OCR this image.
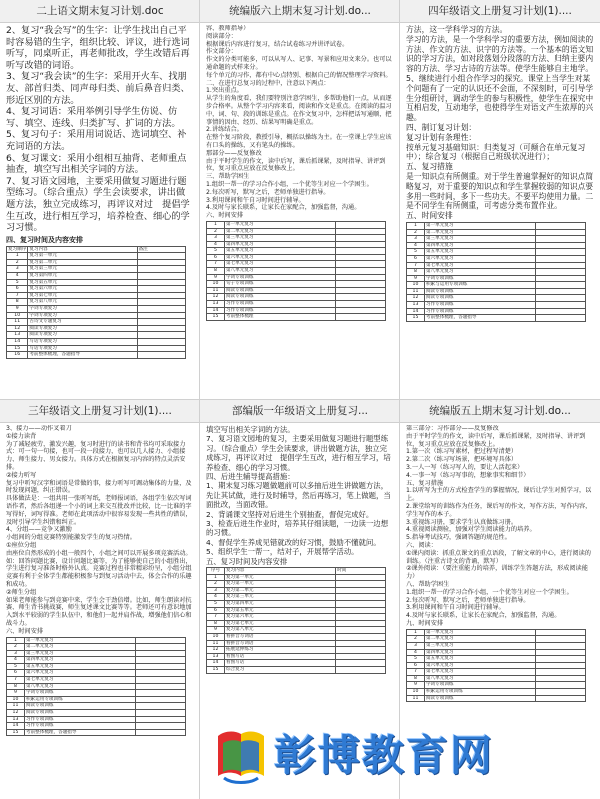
二上语文期末复习计划.doc

2、复习“我会写”的生字：让学生找出自己平时容易错的生字，组织比较、评议，进行选词听写，同桌听正，再老师批改，学生改错后再听写改错的词语。

3、复习“我会读”的生字：采用开火车、找朋友、部首归类、同声母归类、前后鼻音归类、形近区别的方法。

4、复习词语：采用举例引导学生仿说、仿写、填空、连线、归类扩写、扩词的方法。

5、复习句子：采用用词说话、选词填空、补充词语的方法。

6、复习课文：采用小组相互抽背、老师重点抽查，填空写出相关字词的方法。

7、复习语文园地，主要采用做复习题进行题型练习。（综合重点）学生会读要求，讲出做题方法，独立完成练习，再评议对过　提倡学生互改，进行相互学习，培养检查、细心的学习习惯。

四、复习时间及内容安排
复习顺序	复习内容	备注
1	复习第一单元	
2	复习第二单元	
3	复习第三单元	
4	复习第四单元	
5	复习第五单元	
6	复习第六单元	
7	复习第七单元	
8	复习第八单元	
9	字词专项复习	
10	字词专项复习	
11	古诗文专题复习	
12	阅读专项复习	
13	阅读专项复习	
14	写话专项复习	
15	写话专项复习	
16	考前整体梳理，答题指导	
统编版六上期末复习计划.do...

容、教师指导）

阅读部分：

根据课后内容进行复习，结合试卷练习并讲评试卷。

作文部分：

作文的分类可能多，可以从写人、记事、写景和应用文来分。也可以通命题的式样来分。

每个单元的习作，都有中心点特别、根据自己的情况整理学习资料。

二、在进行总复习的过程中，注意以下两点：

1.突出重点。

从学生的角度看，我们要特别注意学困生，多帮助他们一点，从而逐步合格率。从整个学习内容来看，阅读和作文是重点。在阅读的温习中，词、句、段的训练是重点。在作文复习中，怎样把话写通顺，把事情的因由、经历、结果写明确是重点。

2.讲练结合。

在整个复习阶段，教授引导，概括以操练为主。在一堂课上学生应该有口头的操练，又有笔头的操练。

那部分——反复修改

由于平时学生的作文，读中后写，课后抓课紧，及时指导、讲评到位，复习重点应放在反复修改上。

三、帮助学困生

1.组织一帮一的学习合作小组，一个优等生对应一个学困生。

2.每次听写，默写之后，老师单独进行指导。

3.利用课间和午自习时间进行辅导。

4.及时与家长联系，让家长在家配合，加强监督，沟通。

六、时间安排

1	第一单元复习	
2	第二单元复习	
3	第三单元复习	
4	第四单元复习	
5	第五单元复习	
6	第六单元复习	
7	第七单元复习	
8	第八单元复习	
9	字词专项训练	
10	句子专项训练	
11	阅读专项训练	
12	阅读专项训练	
13	习作专项训练	
14	习作专项训练	
15	考前整体梳理	
四年级语文上册复习计划(1)....

方法，这一学科学习的方法。

学习的方法，是一个学科学习的重要方法，例如阅读的方法、作文的方法、识字的方法等。一个基本的语文知识的学习方法，如对段落划分段落的方法、归纳主要内容的方法、学习古诗的方法等。使学生能够自主地学。

5、继续进行小组合作学习的探究。课堂上当学生对某个问题有了一定的认识还不会面，不深刻时，可引导学生分组研讨，调动学生的参与积极性，使学生在探究中互相启发，互动地学，也使得学生对语文产生浓厚的兴趣。

四、制订复习计划：

复习计划有条理性：

按单元复习基础知识：归类复习（可颠合在单元复习中）；综合复习（根据自己班级状况进行）；

五、复习措施

是一知识点有所侧重。对于学生普遍掌握好的知识点简略复习，对于重要的知识点和学生掌握较弱的知识点要多用一些时间，多下一些功夫。不要平均使用力量。二是不同学生有所侧重，可考虑分类布置作业。

五、时间安排

1	第一单元复习	
2	第二单元复习	
3	第三单元复习	
4	第四单元复习	
5	第五单元复习	
6	第六单元复习	
7	第七单元复习	
8	第八单元复习	
9	字词专项训练	
10	积累与运用专项训练	
11	阅读专项训练	
12	阅读专项训练	
13	习作专项训练	
14	习作专项训练	
15	考前整体梳理，答题指导	
三年级语文上册复习计划(1)....

3、接力——动作叉着刀

①接力读背

为了减轻疲劳，激发兴趣，复习时进行的读书和背书均可采取接力式：可一句一句接，也可一段一段接力，也可以几人接力、小组接力、师生接力、男女接力。具体方式在根据复习内容的特点灵活安排。

②接力听写

复习中听写汉字和词语是常做的事，接力听写可调动集体的力量，及时发现问题，纠正错误。

具体做法是：一组共用一张听写纸，老师报词语，各组学生依次写词语作者，然后各组递一个小的词上来交互批改并比较，比一比谁的字写得好，词写得准。老师在此项活动中很容易发现一些共性的错误，及时引导学生纠错和纠正。

4、分组——竞争又激励

小组间的分组竞赛特别能激发学生的复习热情。

①座位分组

由座位自然形成的小组一般四个，小组之间可以开展多项竞赛活动。如：回答问题比赛，设计问题比赛等，为了能够使自己的小组胜出，学生进行复习准备时格外认真。竞赛过程也非常精彩纷呈，小组分组竞赛有利于全体学生都能积极参与到复习活动中去，体会合作的乐趣和成功。

②师生分组

如果老师能参与到竞赛中来，学生会干劲倍增。比如，师生朗读对抗赛、师生背书挑战赛，师生复述课文比赛等等。老师还可有意识地加入到水平较弱的学生队伍中，和他们一起并肩作战，增强他们信心和战斗力。

六、时间安排

1	第一单元复习	
2	第二单元复习	
3	第三单元复习	
4	第四单元复习	
5	第五单元复习	
6	第六单元复习	
7	第七单元复习	
8	第八单元复习	
9	字词专项训练	
10	积累运用专项训练	
11	阅读专项训练	
12	阅读专项训练	
13	习作专项训练	
14	习作专项训练	
15	考前整体梳理，答题指导	
部编版一年级语文上册复习...

填空写出相关字词的方法。

7、复习语文园地的复习，主要采用做复习题进行题型练习。（综合重点）学生会读要求，讲出做题方法，独立完成练习，再评议对过　提倡学生互改，进行相互学习，培养检查、细心的学习习惯。

四、后进生辅导提高措施：

1、期末复习练习题做题前可以多抽后进生讲做题方法，先让其试做，进行及时辅导，然后再练习，笔上做题，当面批改，当面改错。

2、背诵课文坚持对后进生个别抽查，督促完成好。

3、检查后进生作业时，培养其仔细读题，一边读一边想的习惯。

4、督促学生养成见错就改的好习惯，鼓励不懂就问。

5、组织学生一帮一，结对子，开展帮学活动。

五、复习时间及内容安排

序号	复习内容	时间
1	复习第一单元	
2	复习第一单元	
3	复习第二单元	
4	复习第三单元	
5	复习第四单元	
6	复习第五单元	
7	复习第六单元	
8	复习第七单元	
9	复习第八单元	
10	看拼音写词语	
11	看拼音写词语	
12	拓展延伸练习	
13	看图写话	
14	看图写话	
15	综合复习	
统编版五上期末复习计划.do...

第三部分：习作部分——反复修改

由于平时学生的作文，读中后写，课后抓课紧，及时指导、讲评到位，复习重点应放在反复修改上。

1.第一次（练习写素材，把过程写清楚）

2.第二次（练习写场景，把环境写具体）

3.一人一写（练习写人的，要让人活起来）

4.一事一写（练习写事的，想象事实和细节）

五、复习措施

1.以听写为主的方式检查学生的掌握情况，课后让学生对照学习，以上。

2.课堂给写的训练作为任务，课后写的作文，写作方法，写作内容，学生写作的本子。

3.重视练习册，要求学生认真做练习册。

4.重视阅读测验，加强对学生阅读能力的培养。

5.指导考试技巧，强调答题的规范性。

六、阅读：

①课内阅读：抓重点课文的重点语段，了解文章的中心，进行阅读的训练。（注重古诗文的背诵，默写）

②课外阅读：（要注重能力的培养，训练学生答题方法，形成阅读能力）

八、帮助学困生

1.组织一帮一的学习合作小组，一个优等生对应一个学困生。

2.每次听写、默写之后，老师单独进行指导。

3.利用课间和午自习时间进行辅导。

4.及时与家长联系，让家长在家配合，加强监督，沟通。

九、时间安排

1	第一单元复习	
2	第二单元复习	
3	第三单元复习	
4	第四单元复习	
5	第五单元复习	
6	第六单元复习	
7	第七单元复习	
8	第八单元复习	
9	字词专项训练	
10	积累运用专项训练	
11	阅读专项训练	
彰博教育网
